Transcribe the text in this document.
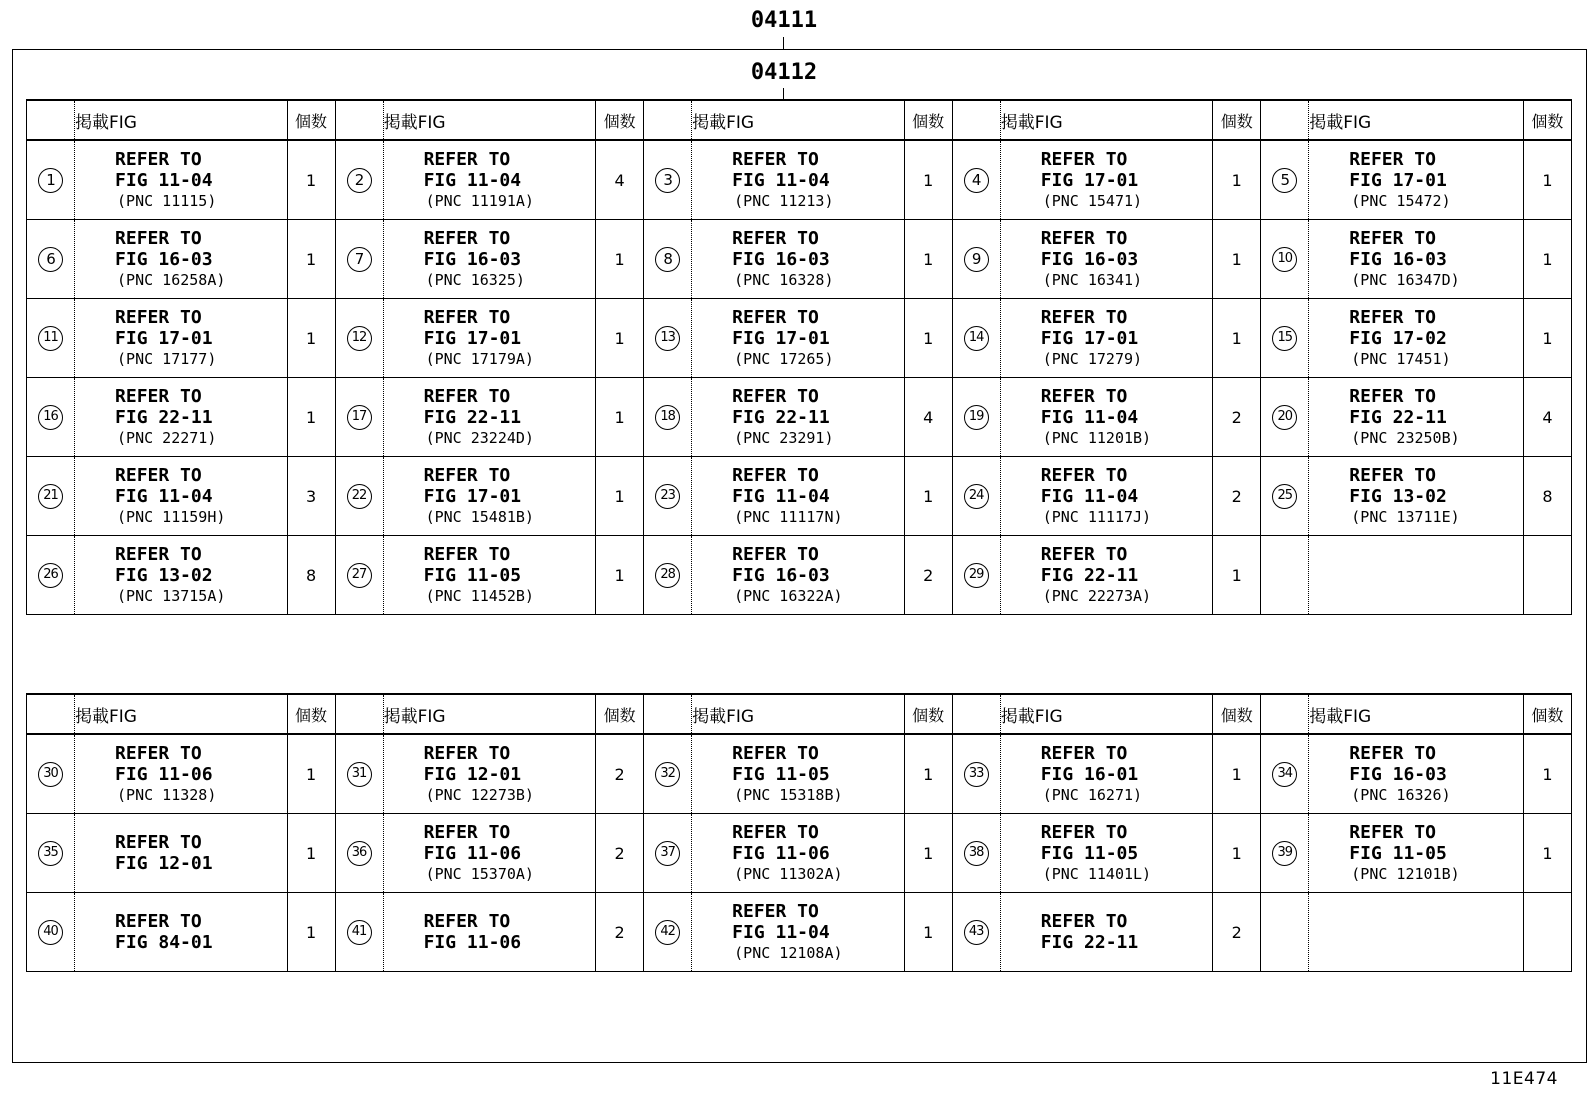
04111
04112
	掲載FIG	個数		掲載FIG	個数		掲載FIG	個数		掲載FIG	個数		掲載FIG	個数
1	REFER TO
FIG 11-04
(PNC 11115)	1	2	REFER TO
FIG 11-04
(PNC 11191A)	4	3	REFER TO
FIG 11-04
(PNC 11213)	1	4	REFER TO
FIG 17-01
(PNC 15471)	1	5	REFER TO
FIG 17-01
(PNC 15472)	1
6	REFER TO
FIG 16-03
(PNC 16258A)	1	7	REFER TO
FIG 16-03
(PNC 16325)	1	8	REFER TO
FIG 16-03
(PNC 16328)	1	9	REFER TO
FIG 16-03
(PNC 16341)	1	10	REFER TO
FIG 16-03
(PNC 16347D)	1
11	REFER TO
FIG 17-01
(PNC 17177)	1	12	REFER TO
FIG 17-01
(PNC 17179A)	1	13	REFER TO
FIG 17-01
(PNC 17265)	1	14	REFER TO
FIG 17-01
(PNC 17279)	1	15	REFER TO
FIG 17-02
(PNC 17451)	1
16	REFER TO
FIG 22-11
(PNC 22271)	1	17	REFER TO
FIG 22-11
(PNC 23224D)	1	18	REFER TO
FIG 22-11
(PNC 23291)	4	19	REFER TO
FIG 11-04
(PNC 11201B)	2	20	REFER TO
FIG 22-11
(PNC 23250B)	4
21	REFER TO
FIG 11-04
(PNC 11159H)	3	22	REFER TO
FIG 17-01
(PNC 15481B)	1	23	REFER TO
FIG 11-04
(PNC 11117N)	1	24	REFER TO
FIG 11-04
(PNC 11117J)	2	25	REFER TO
FIG 13-02
(PNC 13711E)	8
26	REFER TO
FIG 13-02
(PNC 13715A)	8	27	REFER TO
FIG 11-05
(PNC 11452B)	1	28	REFER TO
FIG 16-03
(PNC 16322A)	2	29	REFER TO
FIG 22-11
(PNC 22273A)	1			
	掲載FIG	個数		掲載FIG	個数		掲載FIG	個数		掲載FIG	個数		掲載FIG	個数
30	REFER TO
FIG 11-06
(PNC 11328)	1	31	REFER TO
FIG 12-01
(PNC 12273B)	2	32	REFER TO
FIG 11-05
(PNC 15318B)	1	33	REFER TO
FIG 16-01
(PNC 16271)	1	34	REFER TO
FIG 16-03
(PNC 16326)	1
35	REFER TO
FIG 12-01	1	36	REFER TO
FIG 11-06
(PNC 15370A)	2	37	REFER TO
FIG 11-06
(PNC 11302A)	1	38	REFER TO
FIG 11-05
(PNC 11401L)	1	39	REFER TO
FIG 11-05
(PNC 12101B)	1
40	REFER TO
FIG 84-01	1	41	REFER TO
FIG 11-06	2	42	REFER TO
FIG 11-04
(PNC 12108A)	1	43	REFER TO
FIG 22-11	2			
11E474
